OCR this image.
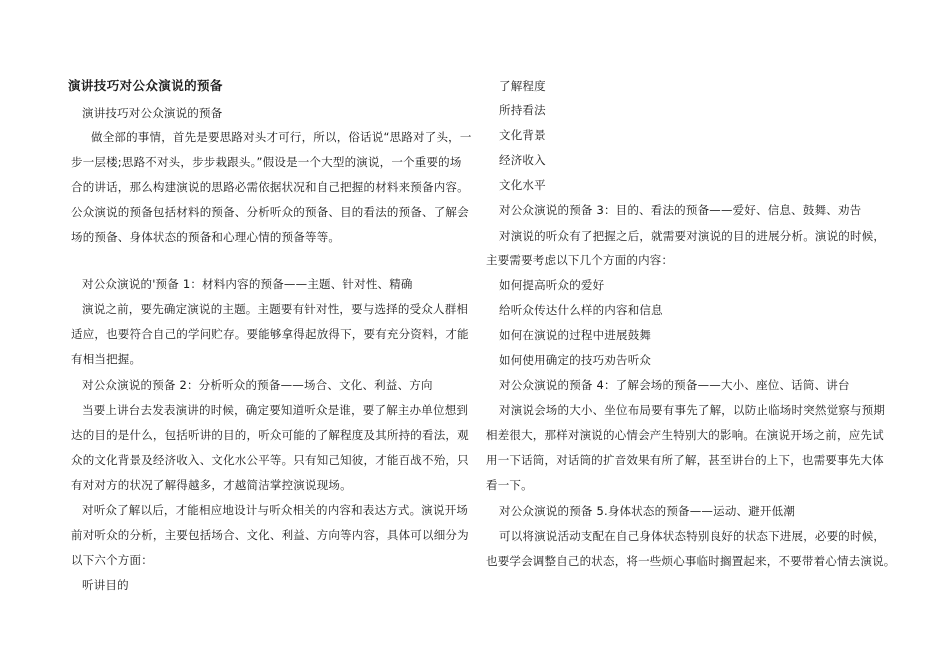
演讲技巧对公众演说的预备
演讲技巧对公众演说的预备
做全部的事情，首先是要思路对头才可行，所以，俗话说“思路对了头，一
步一层楼;思路不对头，步步栽跟头。”假设是一个大型的演说，一个重要的场
合的讲话，那么构建演说的思路必需依据状况和自己把握的材料来预备内容。
公众演说的预备包括材料的预备、分析听众的预备、目的看法的预备、了解会
场的预备、身体状态的预备和心理心情的预备等等。
对公众演说的'预备 1：材料内容的预备——主题、针对性、精确
演说之前，要先确定演说的主题。主题要有针对性，要与选择的受众人群相
适应，也要符合自己的学问贮存。要能够拿得起放得下，要有充分资料，才能
有相当把握。
对公众演说的预备 2：分析听众的预备——场合、文化、利益、方向
当要上讲台去发表演讲的时候，确定要知道听众是谁，要了解主办单位想到
达的目的是什么，包括听讲的目的，听众可能的了解程度及其所持的看法，观
众的文化背景及经济收入、文化水公平等。只有知己知彼，才能百战不殆，只
有对对方的状况了解得越多，才越简洁掌控演说现场。
对听众了解以后，才能相应地设计与听众相关的内容和表达方式。演说开场
前对听众的分析，主要包括场合、文化、利益、方向等内容，具体可以细分为
以下六个方面：
听讲目的
了解程度
所持看法
文化背景
经济收入
文化水平
对公众演说的预备 3：目的、看法的预备——爱好、信息、鼓舞、劝告
对演说的听众有了把握之后，就需要对演说的目的进展分析。演说的时候，
主要需要考虑以下几个方面的内容：
如何提高听众的爱好
给听众传达什么样的内容和信息
如何在演说的过程中进展鼓舞
如何使用确定的技巧劝告听众
对公众演说的预备 4：了解会场的预备——大小、座位、话筒、讲台
对演说会场的大小、坐位布局要有事先了解，以防止临场时突然觉察与预期
相差很大，那样对演说的心情会产生特别大的影响。在演说开场之前，应先试
用一下话筒，对话筒的扩音效果有所了解，甚至讲台的上下，也需要事先大体
看一下。
对公众演说的预备 5.身体状态的预备——运动、避开低潮
可以将演说活动支配在自己身体状态特别良好的状态下进展，必要的时候，
也要学会调整自己的状态，将一些烦心事临时搁置起来，不要带着心情去演说。
